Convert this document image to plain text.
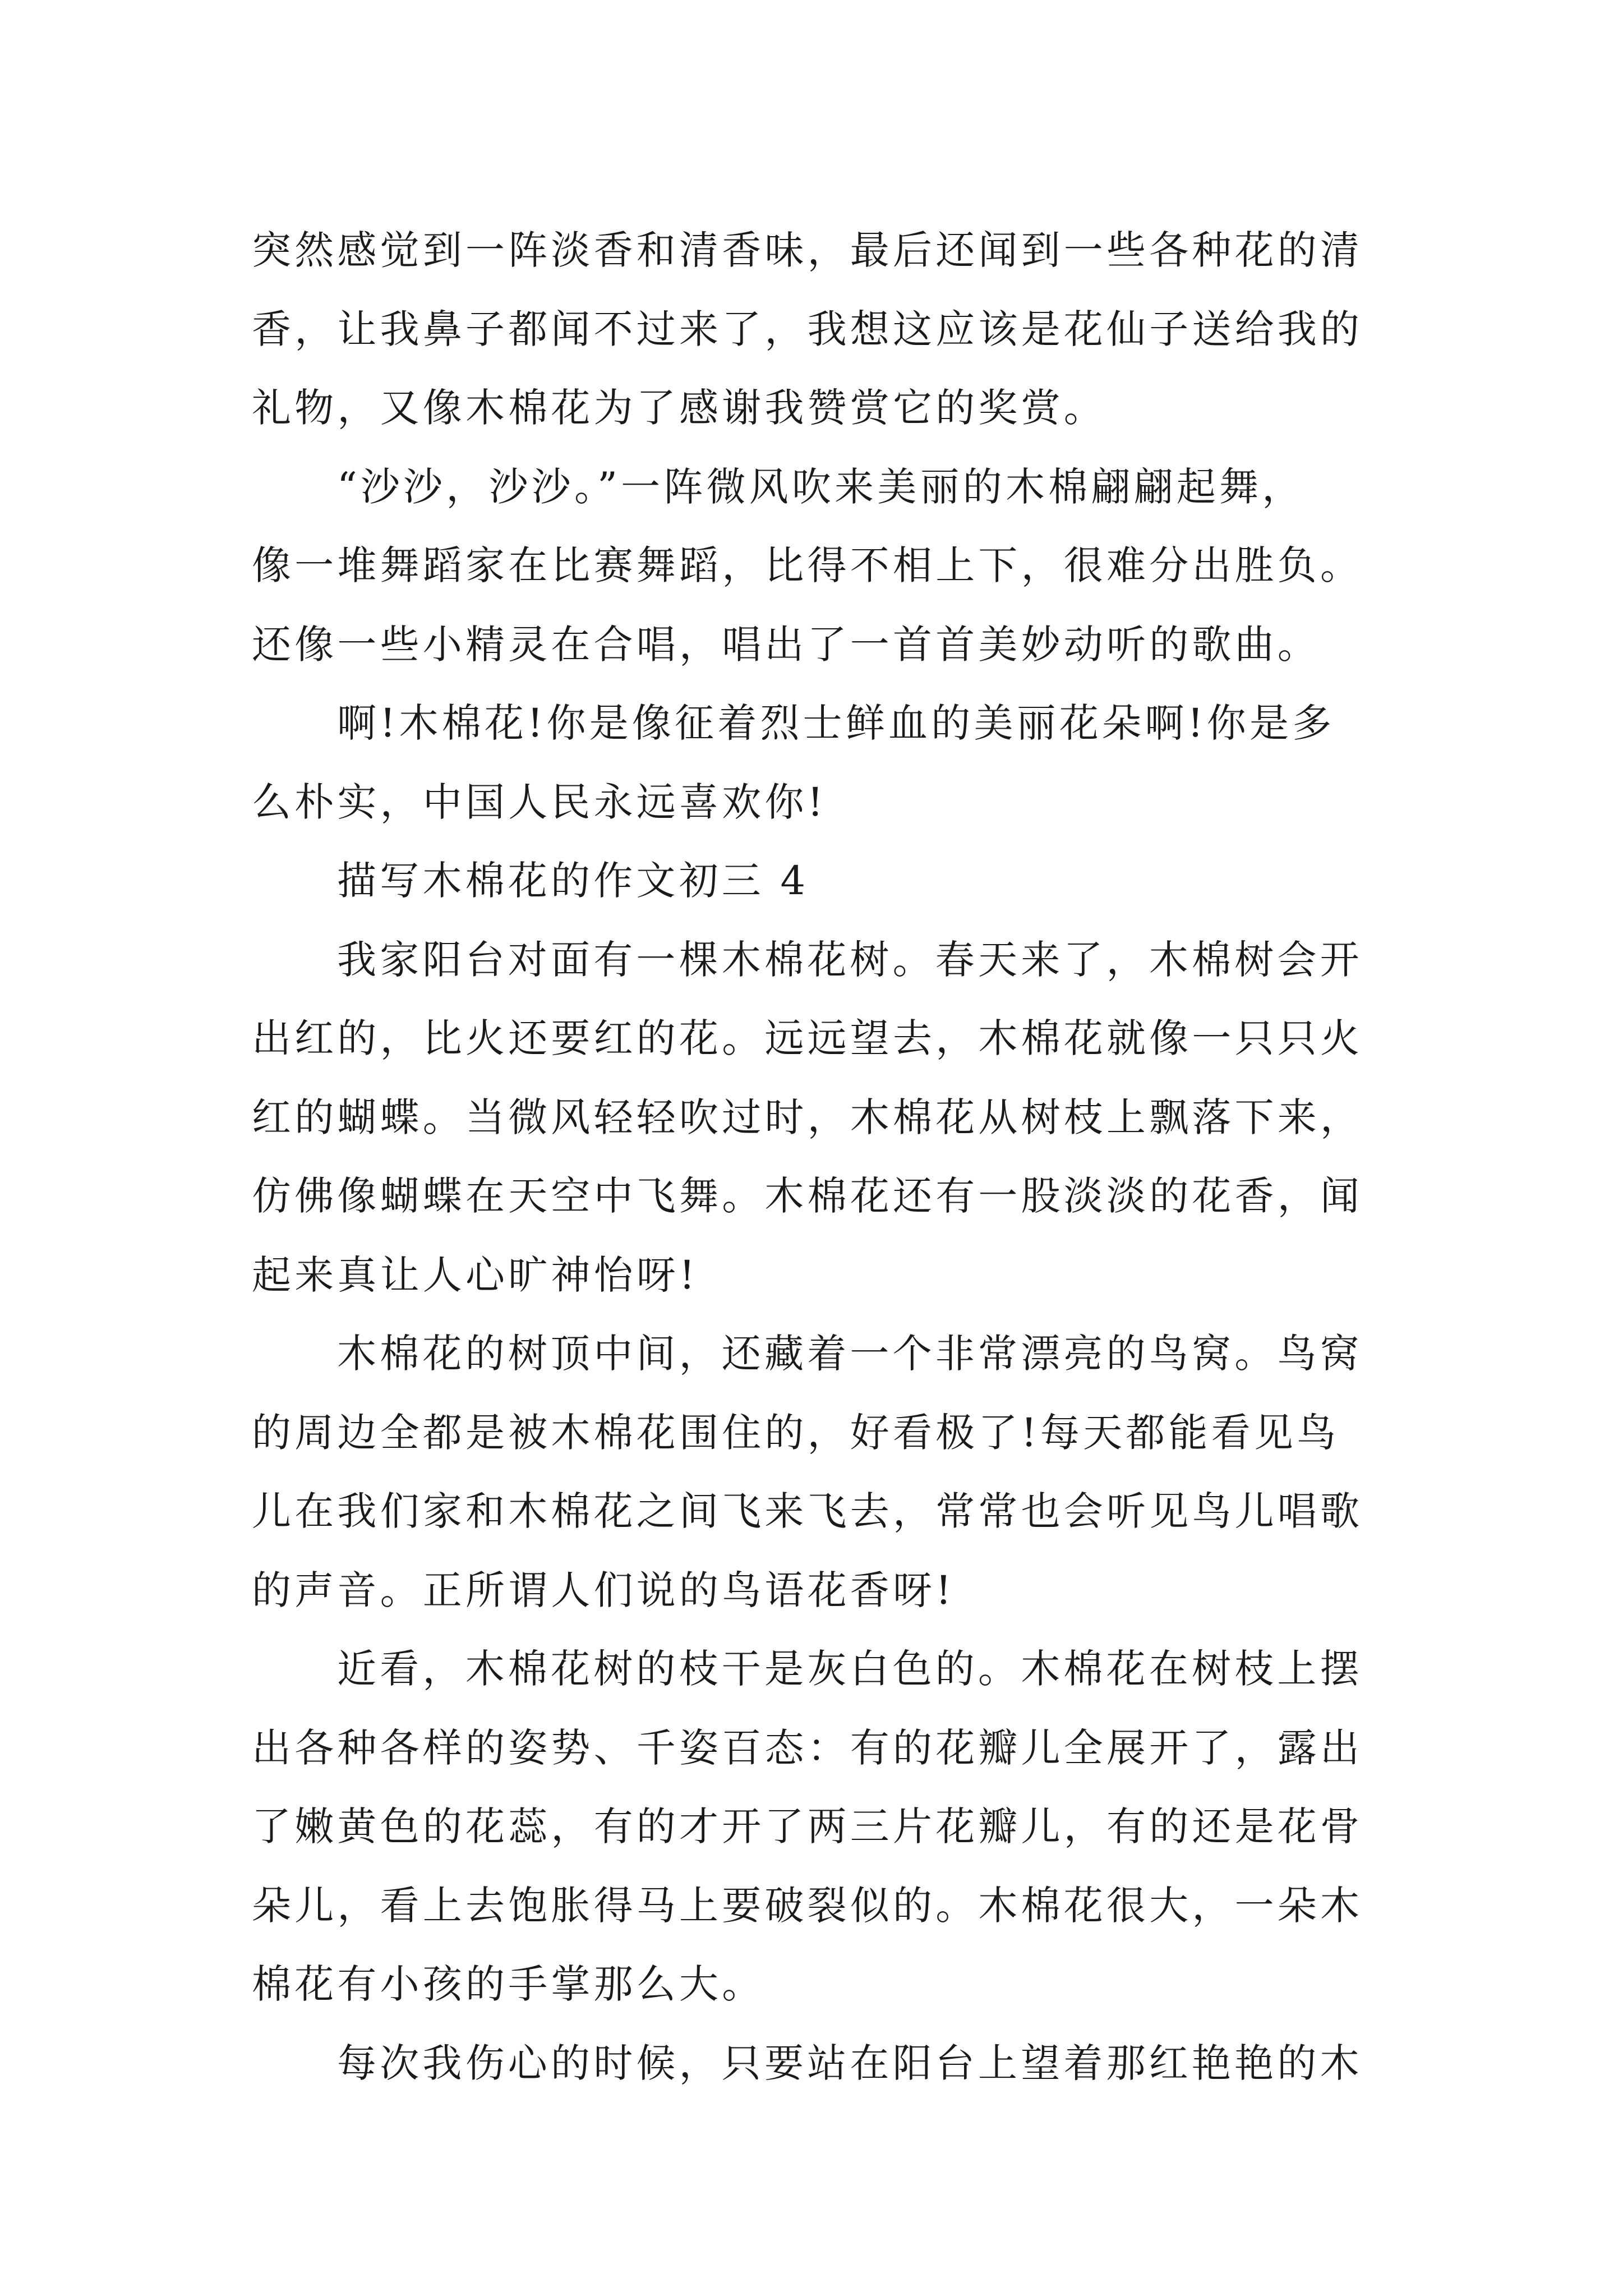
突然感觉到一阵淡香和清香味，最后还闻到一些各种花的清
香，让我鼻子都闻不过来了，我想这应该是花仙子送给我的
礼物，又像木棉花为了感谢我赞赏它的奖赏。
“沙沙，沙沙。”一阵微风吹来美丽的木棉翩翩起舞，
像一堆舞蹈家在比赛舞蹈，比得不相上下，很难分出胜负。
还像一些小精灵在合唱，唱出了一首首美妙动听的歌曲。
啊!木棉花!你是像征着烈士鲜血的美丽花朵啊!你是多
么朴实，中国人民永远喜欢你!
描写木棉花的作文初三 4
我家阳台对面有一棵木棉花树。春天来了，木棉树会开
出红的，比火还要红的花。远远望去，木棉花就像一只只火
红的蝴蝶。当微风轻轻吹过时，木棉花从树枝上飘落下来，
仿佛像蝴蝶在天空中飞舞。木棉花还有一股淡淡的花香，闻
起来真让人心旷神怡呀!
木棉花的树顶中间，还藏着一个非常漂亮的鸟窝。鸟窝
的周边全都是被木棉花围住的，好看极了!每天都能看见鸟
儿在我们家和木棉花之间飞来飞去，常常也会听见鸟儿唱歌
的声音。正所谓人们说的鸟语花香呀!
近看，木棉花树的枝干是灰白色的。木棉花在树枝上摆
出各种各样的姿势、千姿百态：有的花瓣儿全展开了，露出
了嫩黄色的花蕊，有的才开了两三片花瓣儿，有的还是花骨
朵儿，看上去饱胀得马上要破裂似的。木棉花很大，一朵木
棉花有小孩的手掌那么大。
每次我伤心的时候，只要站在阳台上望着那红艳艳的木
